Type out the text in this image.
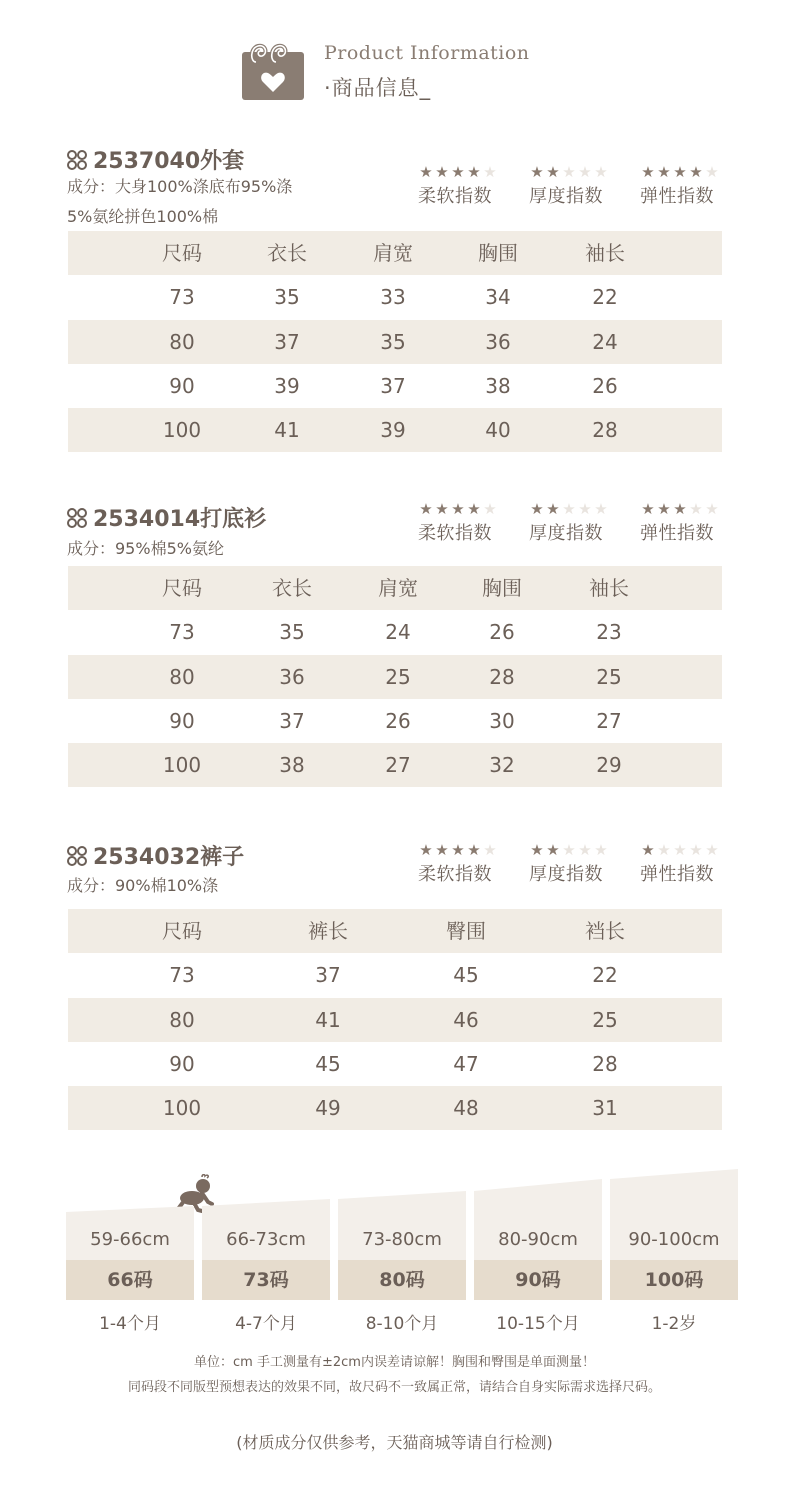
Product Information
·商品信息_
2537040外套
成分：大身100%涤底布95%涤
5%氨纶拼色100%棉
★ ★ ★ ★ ★
柔软指数
★ ★ ★ ★ ★
厚度指数
★ ★ ★ ★ ★
弹性指数
尺码	衣长	肩宽	胸围	袖长
73	35	33	34	22
80	37	35	36	24
90	39	37	38	26
100	41	39	40	28
2534014打底衫
成分：95%棉5%氨纶
★ ★ ★ ★ ★
柔软指数
★ ★ ★ ★ ★
厚度指数
★ ★ ★ ★ ★
弹性指数
尺码	衣长	肩宽	胸围	袖长
73	35	24	26	23
80	36	25	28	25
90	37	26	30	27
100	38	27	32	29
2534032裤子
成分：90%棉10%涤
★ ★ ★ ★ ★
柔软指数
★ ★ ★ ★ ★
厚度指数
★ ★ ★ ★ ★
弹性指数
尺码	裤长	臀围	裆长
73	37	45	22
80	41	46	25
90	45	47	28
100	49	48	31
59-66cm
66码
1-4个月
66-73cm
73码
4-7个月
73-80cm
80码
8-10个月
80-90cm
90码
10-15个月
90-100cm
100码
1-2岁
单位：cm 手工测量有±2cm内误差请谅解！胸围和臀围是单面测量！
同码段不同版型预想表达的效果不同，故尺码不一致属正常，请结合自身实际需求选择尺码。
(材质成分仅供参考，天猫商城等请自行检测)
